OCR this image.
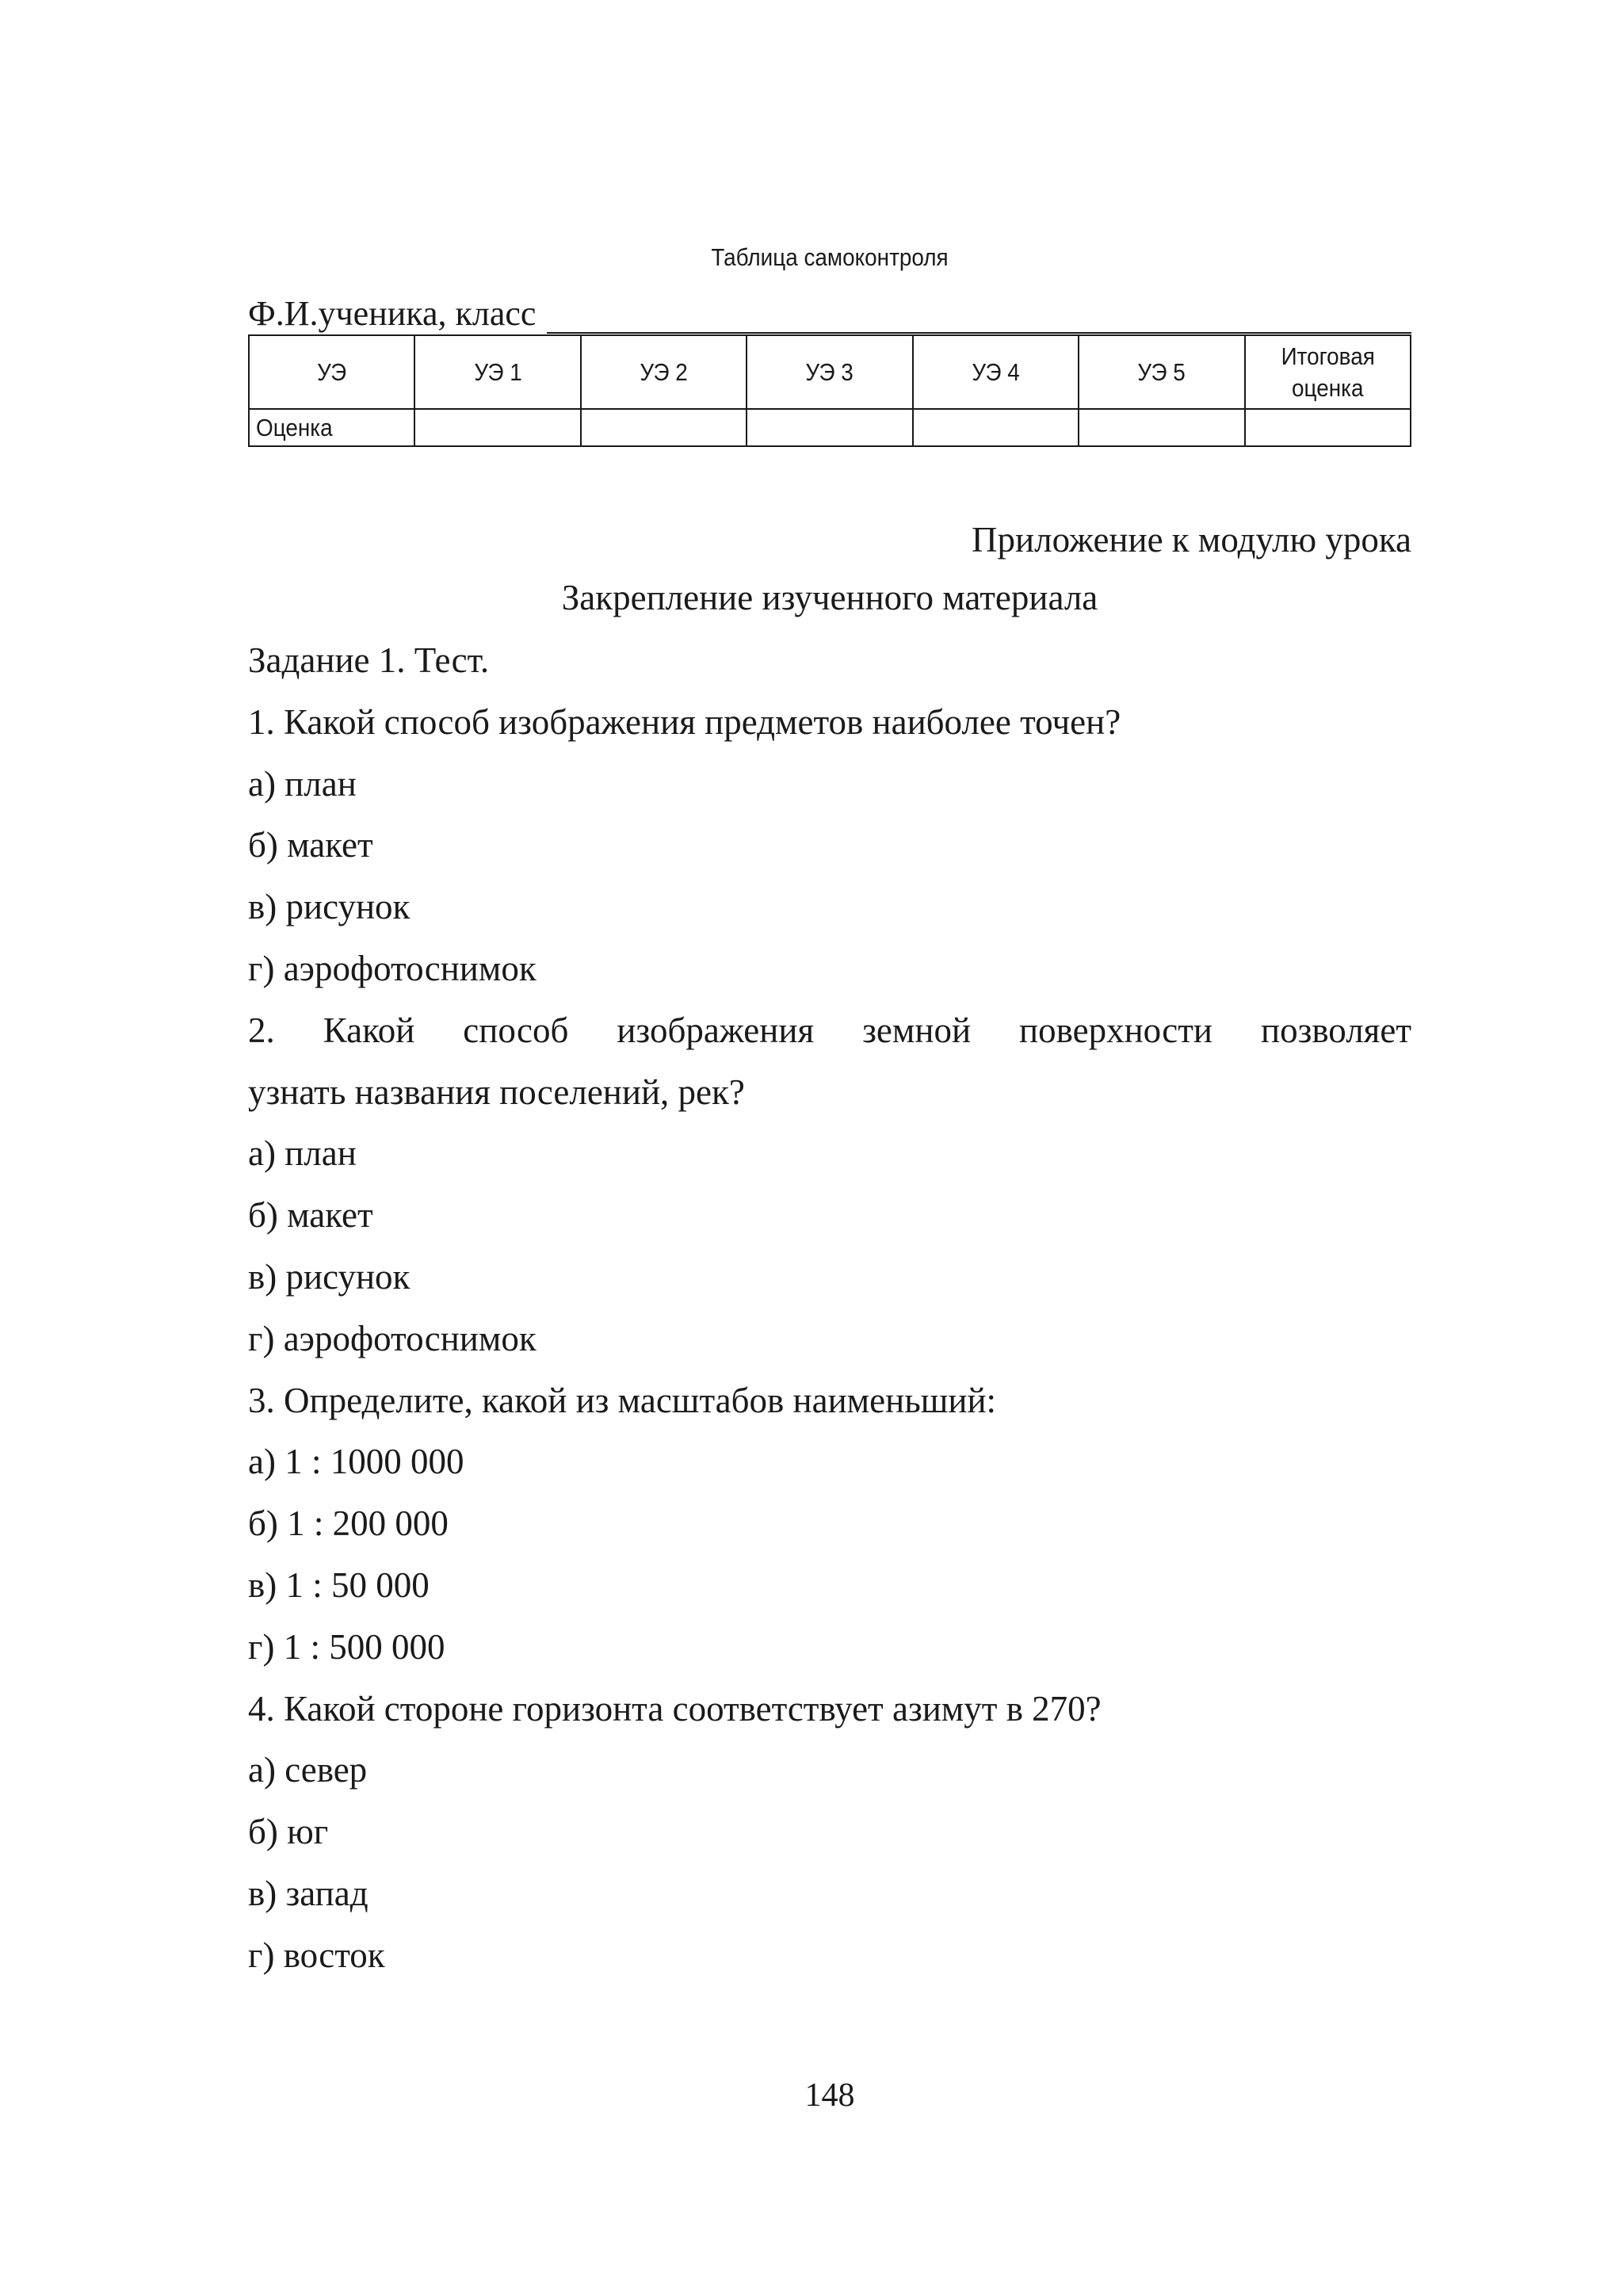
Таблица самоконтроля
Ф.И.ученика, класс
УЭ	УЭ 1	УЭ 2	УЭ 3	УЭ 4	УЭ 5	Итоговая
оценка
Оценка						
Приложение к модулю урока
Закрепление изученного материала

Задание 1. Тест.

1. Какой способ изображения предметов наиболее точен?

а) план

б) макет

в) рисунок

г) аэрофотоснимок

2. Какой способ изображения земной поверхности позволяет

узнать названия поселений, рек?

а) план

б) макет

в) рисунок

г) аэрофотоснимок

3. Определите, какой из масштабов наименьший:

а) 1 : 1000 000

б) 1 : 200 000

в) 1 : 50 000

г) 1 : 500 000

4. Какой стороне горизонта соответствует азимут в 270?

а) север

б) юг

в) запад

г) восток

148
